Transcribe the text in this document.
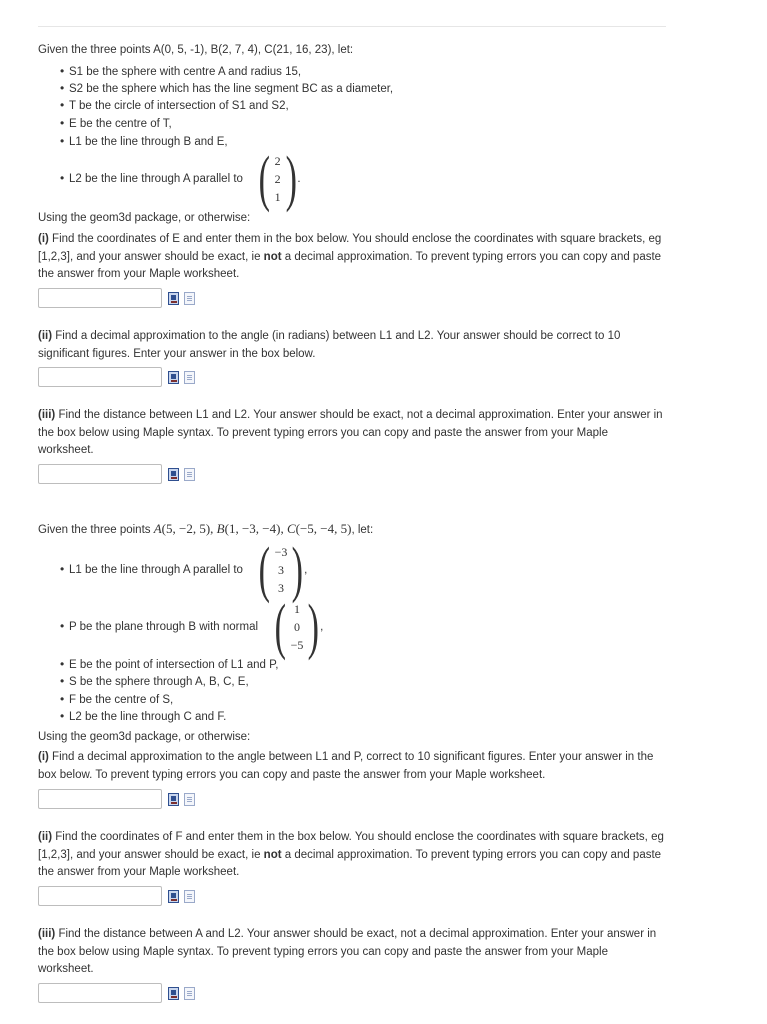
Given the three points A(0, 5, -1), B(2, 7, 4), C(21, 16, 23), let:
• S1 be the sphere with centre A and radius 15,
• S2 be the sphere which has the line segment BC as a diameter,
• T be the circle of intersection of S1 and S2,
• E be the centre of T,
• L1 be the line through B and E,
• L2 be the line through A parallel to ( 2
2
1 ) .
Using the geom3d package, or otherwise:
(i) Find the coordinates of E and enter them in the box below. You should enclose the coordinates with square brackets, eg [1,2,3], and your answer should be exact, ie not a decimal approximation. To prevent typing errors you can copy and paste the answer from your Maple worksheet.
(ii) Find a decimal approximation to the angle (in radians) between L1 and L2. Your answer should be correct to 10 significant figures. Enter your answer in the box below.
(iii) Find the distance between L1 and L2. Your answer should be exact, not a decimal approximation. Enter your answer in the box below using Maple syntax. To prevent typing errors you can copy and paste the answer from your Maple worksheet.
Given the three points A(5, −2, 5), B(1, −3, −4), C(−5, −4, 5), let:
• L1 be the line through A parallel to ( −3
3
3 ) ,
• P be the plane through B with normal ( 1
0
−5 ) ,
• E be the point of intersection of L1 and P,
• S be the sphere through A, B, C, E,
• F be the centre of S,
• L2 be the line through C and F.
Using the geom3d package, or otherwise:
(i) Find a decimal approximation to the angle between L1 and P, correct to 10 significant figures. Enter your answer in the box below. To prevent typing errors you can copy and paste the answer from your Maple worksheet.
(ii) Find the coordinates of F and enter them in the box below. You should enclose the coordinates with square brackets, eg [1,2,3], and your answer should be exact, ie not a decimal approximation. To prevent typing errors you can copy and paste the answer from your Maple worksheet.
(iii) Find the distance between A and L2. Your answer should be exact, not a decimal approximation. Enter your answer in the box below using Maple syntax. To prevent typing errors you can copy and paste the answer from your Maple worksheet.
